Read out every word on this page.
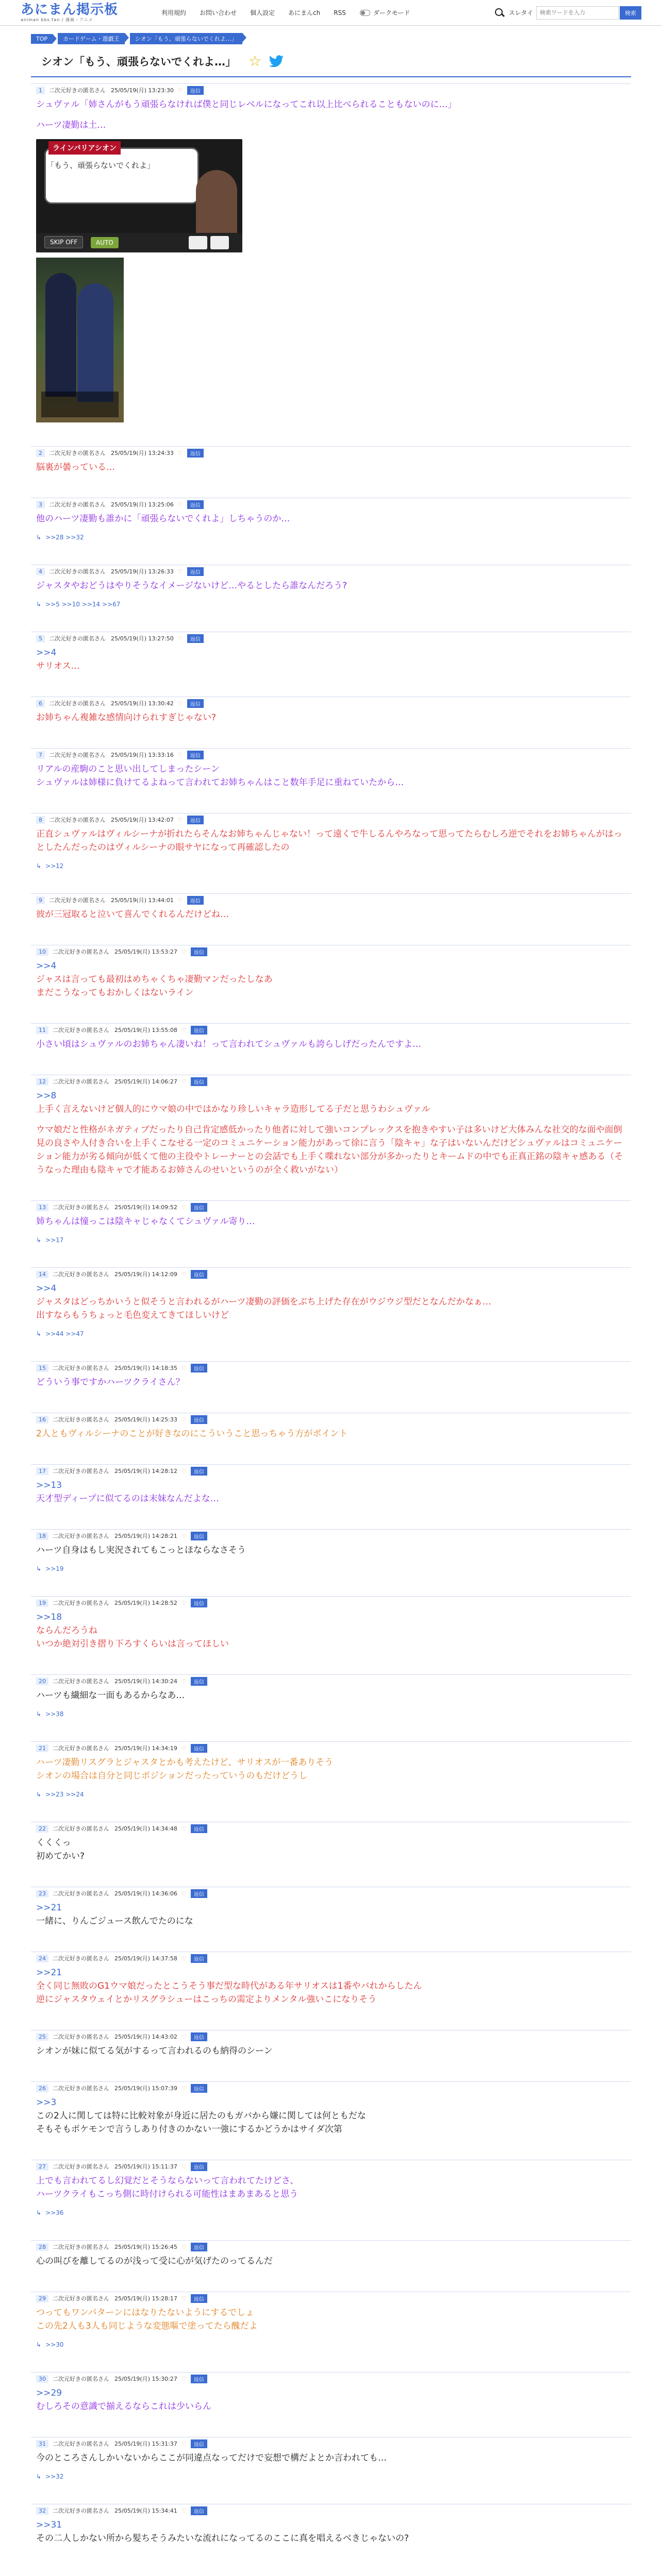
あにまん掲示板
animan bbs.fan / 漫画・アニメ
利用規約	お問い合わせ	個人設定	あにまんch	RSS	ダークモード	スレタイ
検索ワードを入力	検索
TOP	カードゲーム・遊戯王	シオン「もう、頑張らないでくれよ…」
シオン「もう、頑張らないでくれよ…」 ☆
1	二次元好きの匿名さん 25/05/19(月) 13:23:30 ♡	返信
シュヴァル「姉さんがもう頑張らなければ僕と同じレベルになってこれ以上比べられることもないのに…」
ハーツ凄勤は土…
ラインバリアシオン
「もう、頑張らないでくれよ」
SKIP OFF	AUTO
2	二次元好きの匿名さん 25/05/19(月) 13:24:33 ♡	返信
脳裏が曇っている…
3	二次元好きの匿名さん 25/05/19(月) 13:25:06 ♡	返信
他のハーツ凄勤も誰かに「頑張らないでくれよ」しちゃうのか…
↳ >>28 >>32
4	二次元好きの匿名さん 25/05/19(月) 13:26:33 ♡	返信
ジャスタやおどうはやりそうなイメージないけど…やるとしたら誰なんだろう?
↳ >>5 >>10 >>14 >>67
5	二次元好きの匿名さん 25/05/19(月) 13:27:50 ♡	返信
>>4
サリオス…
6	二次元好きの匿名さん 25/05/19(月) 13:30:42 ♡	返信
お姉ちゃん複雑な感情向けられすぎじゃない?
7	二次元好きの匿名さん 25/05/19(月) 13:33:16 ♡	返信
リアルの産駒のこと思い出してしまったシーン
シュヴァルは姉様に負けてるよねって言われてお姉ちゃんはこと数年手足に重ねていたから…
8	二次元好きの匿名さん 25/05/19(月) 13:42:07 ♡	返信
正直シュヴァルはヴィルシーナが折れたらそんなお姉ちゃんじゃない！って遠くで牛しるんやろなって思ってたらむしろ逆でそれをお姉ちゃんがはっとしたんだったのはヴィルシーナの眼サヤになって再確認したの
↳ >>12
9	二次元好きの匿名さん 25/05/19(月) 13:44:01 ♡	返信
彼が三冠取ると泣いて喜んでくれるんだけどね…
10	二次元好きの匿名さん 25/05/19(月) 13:53:27 ♡	返信
>>4
ジャスは言っても最初はめちゃくちゃ凄勤マンだったしなあ
まだこうなってもおかしくはないライン
11	二次元好きの匿名さん 25/05/19(月) 13:55:08 ♡	返信
小さい頃はシュヴァルのお姉ちゃん凄いね！って言われてシュヴァルも誇らしげだったんですよ…
12	二次元好きの匿名さん 25/05/19(月) 14:06:27 ♡	返信
>>8
上手く言えないけど個人的にウマ娘の中ではかなり珍しいキャラ造形してる子だと思うわシュヴァル
ウマ娘だと性格がネガティブだったり自己肯定感低かったり他者に対して強いコンプレックスを抱きやすい子は多いけど大体みんな社交的な面や面倒見の良さや人付き合いを上手くこなせる一定のコミュニケーション能力があって徐に言う「陰キャ」な子はいないんだけどシュヴァルはコミュニケーション能力が劣る傾向が低くて他の主役やトレーナーとの会話でも上手く喋れない部分が多かったりとキームドの中でも正真正銘の陰キャ感ある（そうなった理由も陰キャで才能あるお姉さんのせいというのが全く救いがない）
13	二次元好きの匿名さん 25/05/19(月) 14:09:52 ♡	返信
姉ちゃんは憧っこは陰キャじゃなくてシュヴァル寄り…
↳ >>17
14	二次元好きの匿名さん 25/05/19(月) 14:12:09 ♡	返信
>>4
ジャスタはどっちかいうと似そうと言われるがハーツ凄勤の評価をぶち上げた存在がウジウジ型だとなんだかなぁ…
出すならもうちょっと毛色変えてきてほしいけど
↳ >>44 >>47
15	二次元好きの匿名さん 25/05/19(月) 14:18:35 ♡	返信
どういう事ですかハーツクライさん？
16	二次元好きの匿名さん 25/05/19(月) 14:25:33 ♡	返信
2人ともヴィルシーナのことが好きなのにこういうこと思っちゃう方がポイント
17	二次元好きの匿名さん 25/05/19(月) 14:28:12 ♡	返信
>>13
天才型ディープに似てるのは末妹なんだよな…
18	二次元好きの匿名さん 25/05/19(月) 14:28:21 ♡	返信
ハーツ自身はもし実況されてもこっとほならなさそう
↳ >>19
19	二次元好きの匿名さん 25/05/19(月) 14:28:52 ♡	返信
>>18
ならんだろうね
いつか絶対引き摺り下ろすくらいは言ってほしい
20	二次元好きの匿名さん 25/05/19(月) 14:30:24 ♡	返信
ハーツも繊細な一面もあるからなあ…
↳ >>38
21	二次元好きの匿名さん 25/05/19(月) 14:34:19 ♡	返信
ハーツ凄勤リスグラとジャスタとかも考えたけど、サリオスが一番ありそう
シオンの場合は自分と同じポジションだったっていうのもだけどうし
↳ >>23 >>24
22	二次元好きの匿名さん 25/05/19(月) 14:34:48 ♡	返信
くくくっ
初めてかい?
23	二次元好きの匿名さん 25/05/19(月) 14:36:06 ♡	返信
>>21
一緒に、りんごジュース飲んでたのにな
24	二次元好きの匿名さん 25/05/19(月) 14:37:58 ♡	返信
>>21
全く同じ無敗のG1ウマ娘だったとこうそう事だ型な時代がある年サリオスは1番やバれからしたん
逆にジャスタウェイとかリスグラシューはこっちの需定よりメンタル強いこになりそう
25	二次元好きの匿名さん 25/05/19(月) 14:43:02 ♡	返信
シオンが妹に似てる気がするって言われるのも納得のシーン
26	二次元好きの匿名さん 25/05/19(月) 15:07:39 ♡	返信
>>3
この2人に関しては特に比較対象が身近に居たのもガバから嫌に関しては何ともだな
そもそもポケモンで言うしあり付きのかない一強にするかどうかはサイダ次第
27	二次元好きの匿名さん 25/05/19(月) 15:11:37 ♡	返信
上でも言われてるし幻覚だとそうならないって言われてたけどさ、
ハーツクライもこっち側に時付けられる可能性はまあまあると思う
↳ >>36
28	二次元好きの匿名さん 25/05/19(月) 15:26:45 ♡	返信
心の叫びを離してるのが浅って受に心が気げたのってるんだ
29	二次元好きの匿名さん 25/05/19(月) 15:28:17 ♡	返信
つってもワンパターンにはなりたないようにするでしょ
この先2人も3人も同じような変態嘔で塗ってたら醜だよ
↳ >>30
30	二次元好きの匿名さん 25/05/19(月) 15:30:27 ♡	返信
>>29
むしろその意識で揃えるならこれは少いらん
31	二次元好きの匿名さん 25/05/19(月) 15:31:37 ♡	返信
今のところさんしかいないからここが同違点なってだけで妄想で構だよとか言われても…
↳ >>32
32	二次元好きの匿名さん 25/05/19(月) 15:34:41 ♡	返信
>>31
その二人しかない所から髪ちそうみたいな流れになってるのここに真を唱えるべきじゃないの?
